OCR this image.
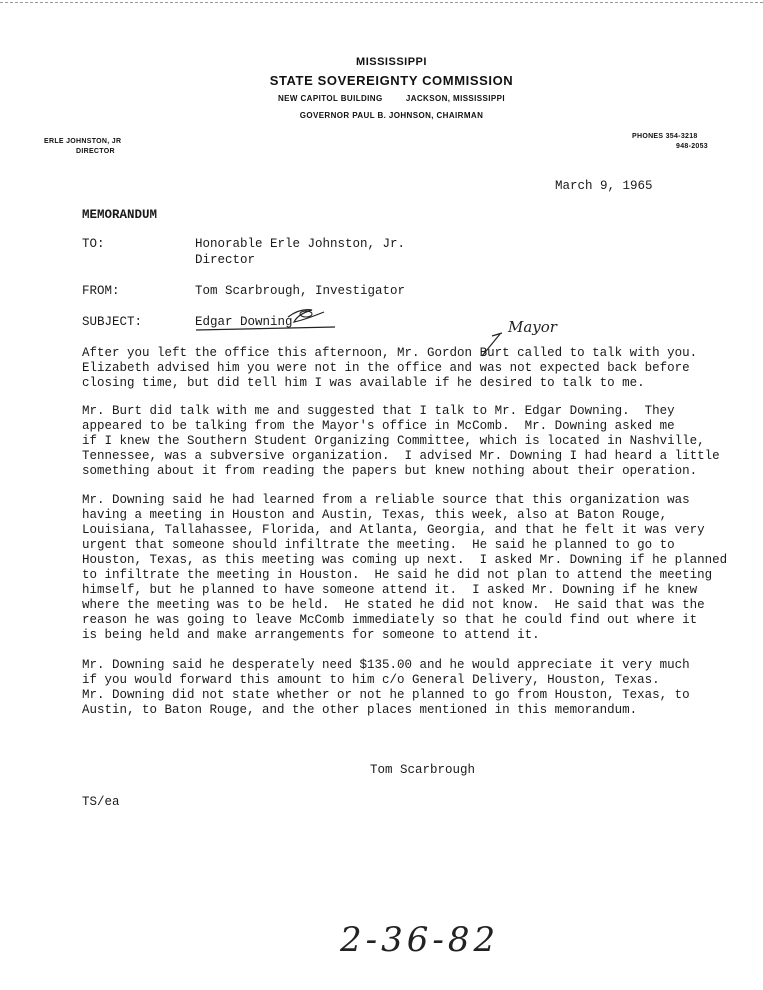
MISSISSIPPI
STATE SOVEREIGNTY COMMISSION
NEW CAPITOL BUILDING	JACKSON, MISSISSIPPI
GOVERNOR PAUL B. JOHNSON, CHAIRMAN
ERLE JOHNSTON, JR
DIRECTOR
PHONES 354-3218
948-2053
March 9, 1965
MEMORANDUM
TO:	Honorable Erle Johnston, Jr.
Director
FROM:	Tom Scarbrough, Investigator
SUBJECT:	Edgar Downing	Mayor
After you left the office this afternoon, Mr. Gordon Burt called to talk with you.
Elizabeth advised him you were not in the office and was not expected back before
closing time, but did tell him I was available if he desired to talk to me.
Mr. Burt did talk with me and suggested that I talk to Mr. Edgar Downing.  They
appeared to be talking from the Mayor's office in McComb.  Mr. Downing asked me
if I knew the Southern Student Organizing Committee, which is located in Nashville,
Tennessee, was a subversive organization.  I advised Mr. Downing I had heard a little
something about it from reading the papers but knew nothing about their operation.
Mr. Downing said he had learned from a reliable source that this organization was
having a meeting in Houston and Austin, Texas, this week, also at Baton Rouge,
Louisiana, Tallahassee, Florida, and Atlanta, Georgia, and that he felt it was very
urgent that someone should infiltrate the meeting.  He said he planned to go to
Houston, Texas, as this meeting was coming up next.  I asked Mr. Downing if he planned
to infiltrate the meeting in Houston.  He said he did not plan to attend the meeting
himself, but he planned to have someone attend it.  I asked Mr. Downing if he knew
where the meeting was to be held.  He stated he did not know.  He said that was the
reason he was going to leave McComb immediately so that he could find out where it
is being held and make arrangements for someone to attend it.
Mr. Downing said he desperately need $135.00 and he would appreciate it very much
if you would forward this amount to him c/o General Delivery, Houston, Texas.
Mr. Downing did not state whether or not he planned to go from Houston, Texas, to
Austin, to Baton Rouge, and the other places mentioned in this memorandum.
Tom Scarbrough
TS/ea
2-36-82
